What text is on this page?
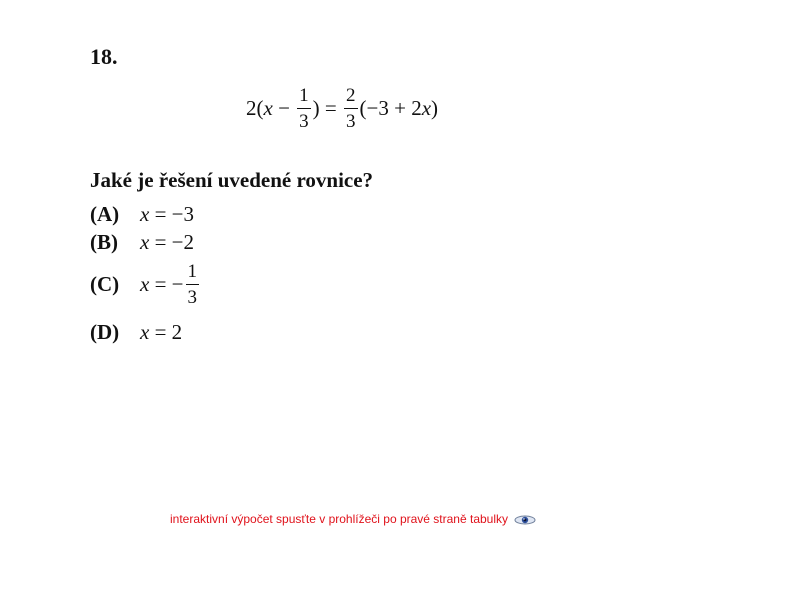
18.
2( $x - \frac{1}{3}$ ) = $\frac{2}{3} (-3 + 2$ x )
Jaké je řešení uvedené rovnice?
(A) x = −3
(B)	x = −2
(C) x = − $\frac{1}{3}$
(D) x = 2
interaktivní výpočet spusťte v prohlížeči po pravé straně tabulky
